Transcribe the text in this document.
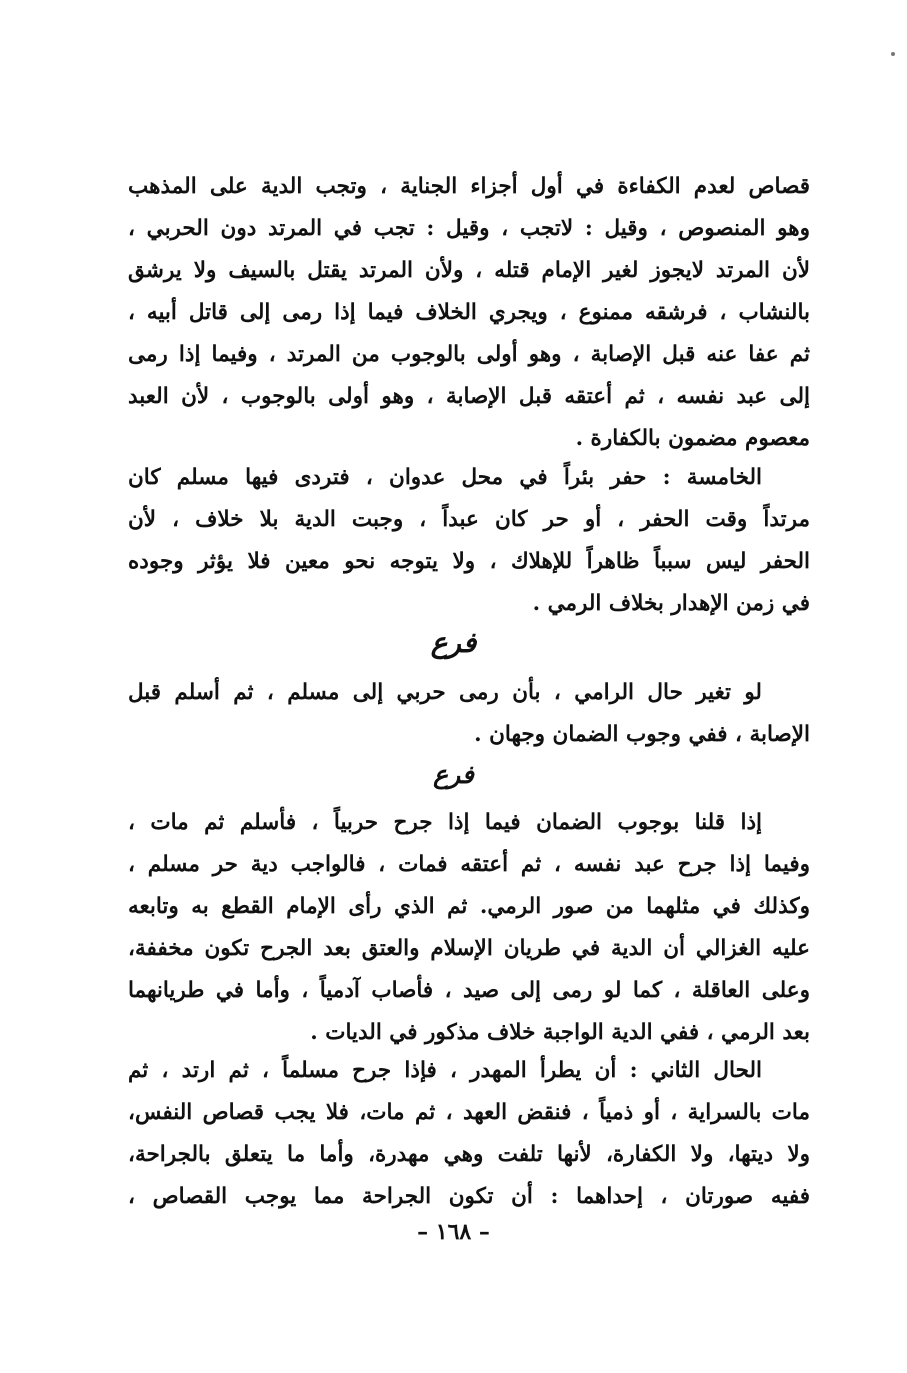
قصاص لعدم الكفاءة في أول أجزاء الجناية ، وتجب الدية على المذهب
وهو المنصوص ، وقيل : لاتجب ، وقيل : تجب في المرتد دون الحربي ،
لأن المرتد لايجوز لغير الإمام قتله ، ولأن المرتد يقتل بالسيف ولا يرشق
بالنشاب ، فرشقه ممنوع ، ويجري الخلاف فيما إذا رمى إلى قاتل أبيه ،
ثم عفا عنه قبل الإصابة ، وهو أولى بالوجوب من المرتد ، وفيما إذا رمى
إلى عبد نفسه ، ثم أعتقه قبل الإصابة ، وهو أولى بالوجوب ، لأن العبد
معصوم مضمون بالكفارة .
الخامسة : حفر بئراً في محل عدوان ، فتردى فيها مسلم كان
مرتداً وقت الحفر ، أو حر كان عبداً ، وجبت الدية بلا خلاف ، لأن
الحفر ليس سبباً ظاهراً للإهلاك ، ولا يتوجه نحو معين فلا يؤثر وجوده
في زمن الإهدار بخلاف الرمي .
فرع
لو تغير حال الرامي ، بأن رمى حربي إلى مسلم ، ثم أسلم قبل
الإصابة ، ففي وجوب الضمان وجهان .
فرع
إذا قلنا بوجوب الضمان فيما إذا جرح حربياً ، فأسلم ثم مات ،
وفيما إذا جرح عبد نفسه ، ثم أعتقه فمات ، فالواجب دية حر مسلم ،
وكذلك في مثلهما من صور الرمي. ثم الذي رأى الإمام القطع به وتابعه
عليه الغزالي أن الدية في طريان الإسلام والعتق بعد الجرح تكون مخففة،
وعلى العاقلة ، كما لو رمى إلى صيد ، فأصاب آدمياً ، وأما في طريانهما
بعد الرمي ، ففي الدية الواجبة خلاف مذكور في الديات .
الحال الثاني : أن يطرأ المهدر ، فإذا جرح مسلماً ، ثم ارتد ، ثم
مات بالسراية ، أو ذمياً ، فنقض العهد ، ثم مات، فلا يجب قصاص النفس،
ولا ديتها، ولا الكفارة، لأنها تلفت وهي مهدرة، وأما ما يتعلق بالجراحة،
ففيه صورتان ، إحداهما : أن تكون الجراحة مما يوجب القصاص ،
– ١٦٨ –
